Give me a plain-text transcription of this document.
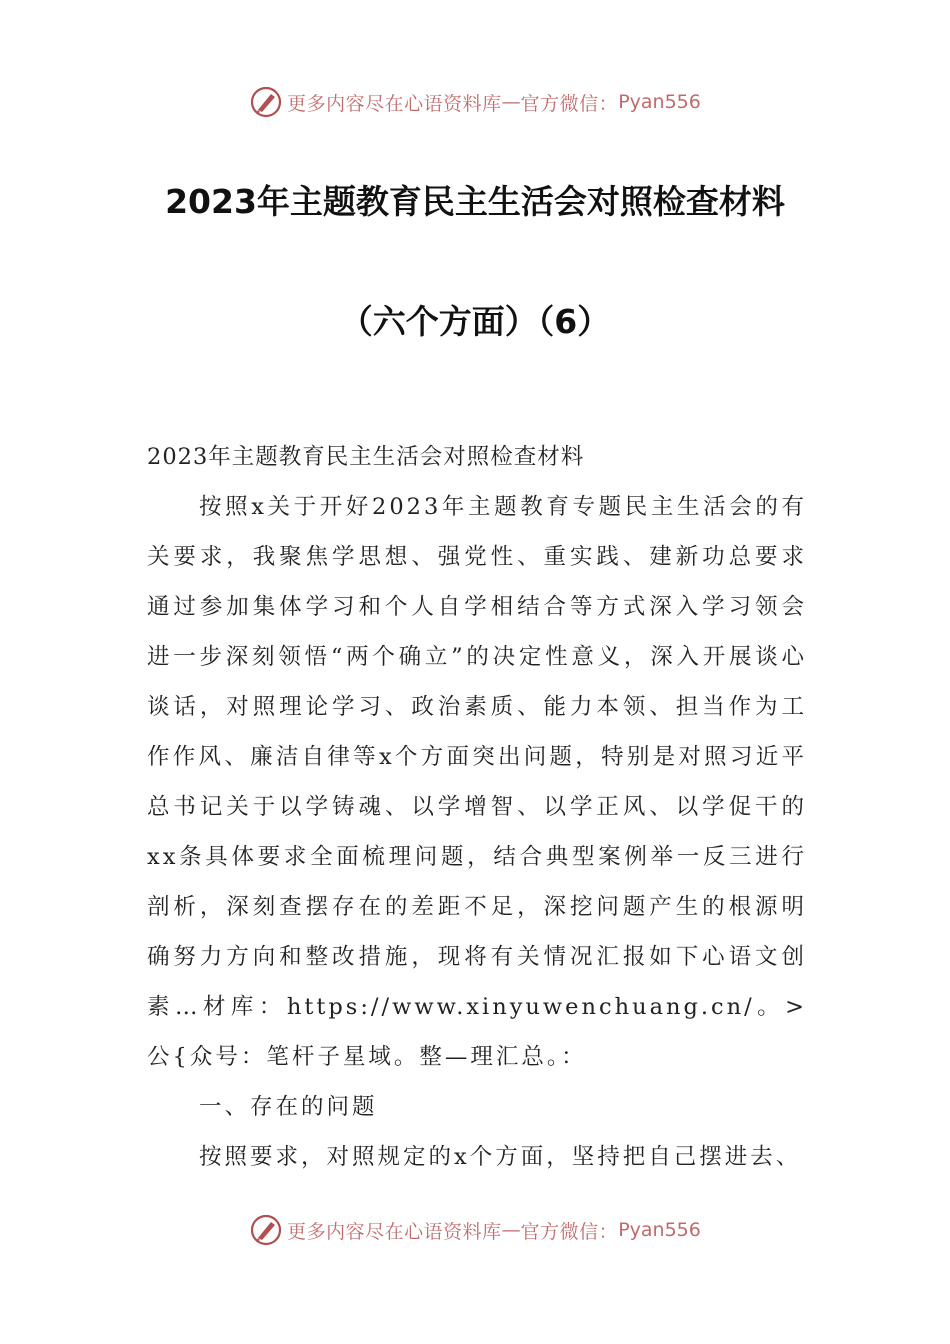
更多内容尽在心语资料库 — 官方微信： Pyan556
2023年主题教育民主生活会对照检查材料
（六个方面）（6）

2023年主题教育民主生活会对照检查材料

按照x关于开好2023年主题教育专题民主生活会的有关要求，我聚焦学思想、强党性、重实践、建新功总要求通过参加集体学习和个人自学相结合等方式深入学习领会进一步深刻领悟“两个确立”的决定性意义，深入开展谈心谈话，对照理论学习、政治素质、能力本领、担当作为工作作风、廉洁自律等x个方面突出问题，特别是对照习近平总书记关于以学铸魂、以学增智、以学正风、以学促干的xx条具体要求全面梳理问题，结合典型案例举一反三进行剖析，深刻查摆存在的差距不足，深挖问题产生的根源明确努力方向和整改措施，现将有关情况汇报如下心语文创素…材库：https://www.xinyuwenchuang.cn/。>公{众号：笔杆子星域。整—理汇总。：

一、存在的问题

按照要求，对照规定的x个方面，坚持把自己摆进去、

更多内容尽在心语资料库 — 官方微信： Pyan556
